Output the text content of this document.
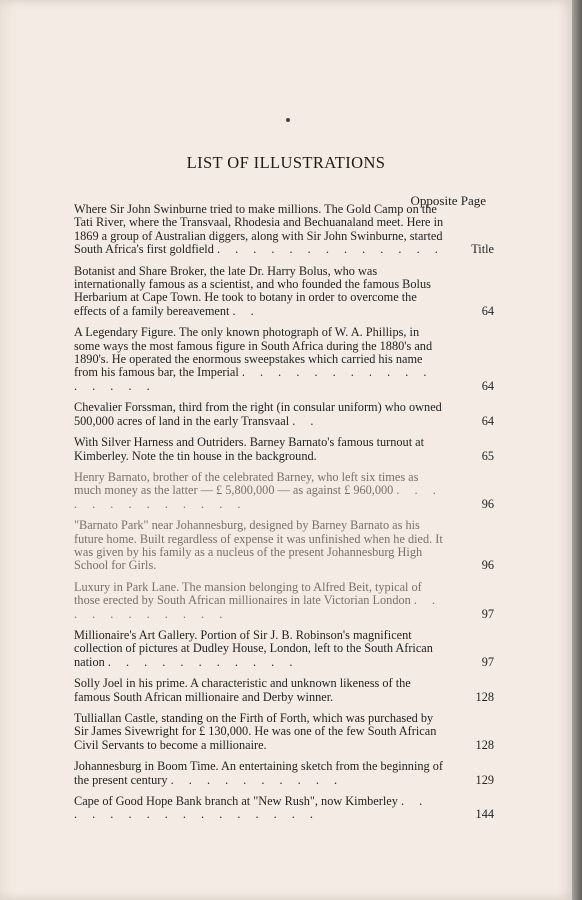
LIST OF ILLUSTRATIONS
Opposite Page
Where Sir John Swinburne tried to make millions. The Gold Camp on the Tati River, where the Transvaal, Rhodesia and Bechuanaland meet. Here in 1869 a group of Australian diggers, along with Sir John Swinburne, started South Africa's first goldfield . . . . . . . . . . . . .	Title
Botanist and Share Broker, the late Dr. Harry Bolus, who was internationally famous as a scientist, and who founded the famous Bolus Herbarium at Cape Town. He took to botany in order to overcome the effects of a family bereavement . .	64
A Legendary Figure. The only known photograph of W. A. Phillips, in some ways the most famous figure in South Africa during the 1880's and 1890's. He operated the enormous sweepstakes which carried his name from his famous bar, the Imperial . . . . . . . . . . . . . . . .	64
Chevalier Forssman, third from the right (in consular uniform) who owned 500,000 acres of land in the early Transvaal . .	64
With Silver Harness and Outriders. Barney Barnato's famous turnout at Kimberley. Note the tin house in the background.	65
Henry Barnato, brother of the celebrated Barney, who left six times as much money as the latter — £ 5,800,000 — as against £ 960,000 . . . . . . . . . . . . .	96
"Barnato Park" near Johannesburg, designed by Barney Barnato as his future home. Built regardless of expense it was unfinished when he died. It was given by his family as a nucleus of the present Johannesburg High School for Girls.	96
Luxury in Park Lane. The mansion belonging to Alfred Beit, typical of those erected by South African millionaires in late Victorian London . . . . . . . . . . .	97
Millionaire's Art Gallery. Portion of Sir J. B. Robinson's magnificent collection of pictures at Dudley House, London, left to the South African nation . . . . . . . . . . .	97
Solly Joel in his prime. A characteristic and unknown likeness of the famous South African millionaire and Derby winner.	128
Tulliallan Castle, standing on the Firth of Forth, which was purchased by Sir James Sivewright for £ 130,000. He was one of the few South African Civil Servants to become a millionaire.	128
Johannesburg in Boom Time. An entertaining sketch from the beginning of the present century . . . . . . . . . .	129
Cape of Good Hope Bank branch at "New Rush", now Kimberley . . . . . . . . . . . . . . . .	144
